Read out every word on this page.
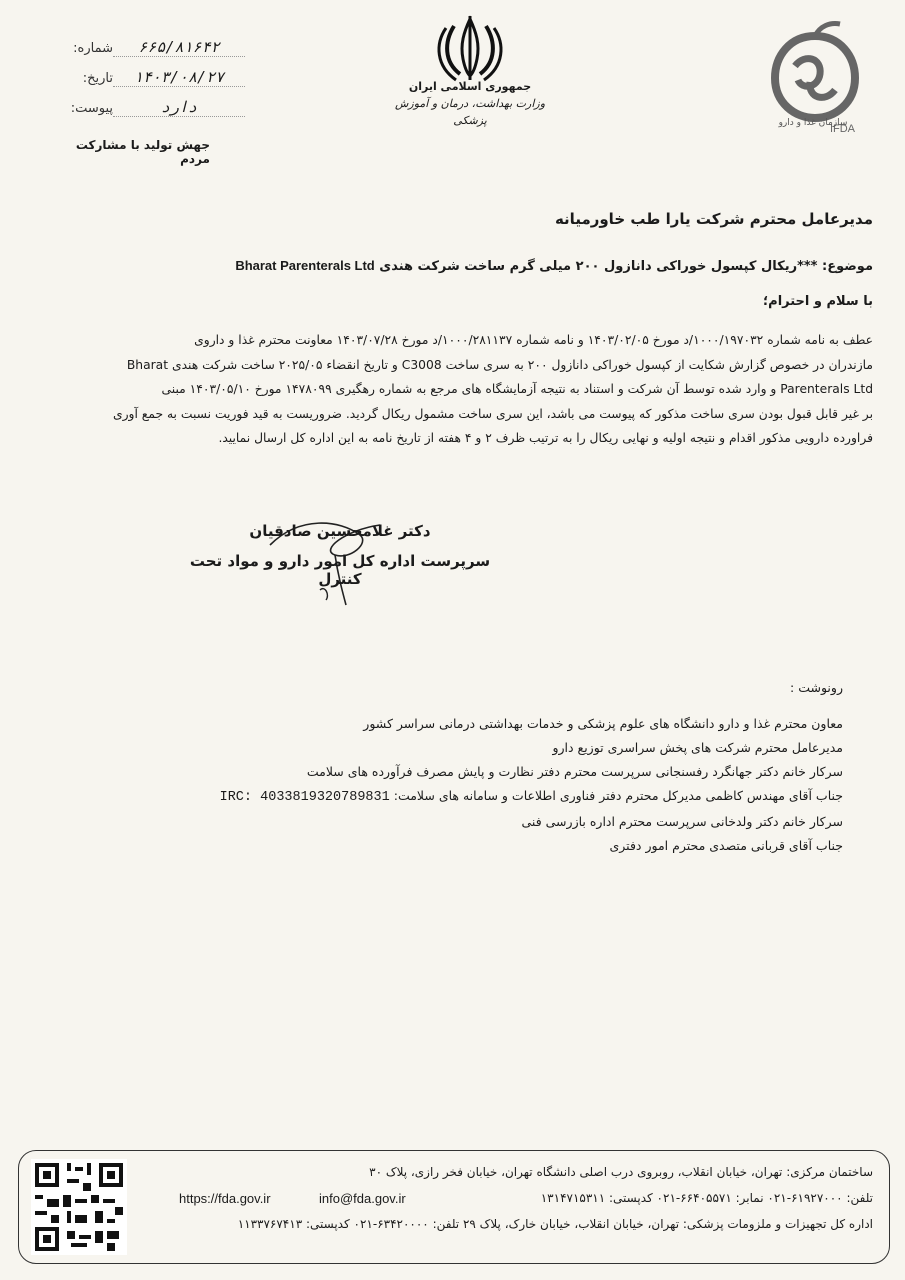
شماره:	۶۶۵/۸۱۶۴۲
تاریخ:	۱۴۰۳/۰۸/۲۷
پیوست:	دارد
جهش تولید با مشارکت مردم
جمهوری اسلامی ایران
وزارت بهداشت، درمان و آموزش پزشکی
IFDA
سازمان غذا و دارو
مدیرعامل محترم شرکت یارا طب خاورمیانه
موضوع: ***ریکال کپسول خوراکی دانازول ۲۰۰ میلی گرم ساخت شرکت هندی Bharat Parenterals Ltd
با سلام و احترام؛

عطف به نامه شماره ۱۰۰۰/۱۹۷۰۳۲/د مورخ ۱۴۰۳/۰۲/۰۵ و نامه شماره ۱۰۰۰/۲۸۱۱۳۷/د مورخ ۱۴۰۳/۰۷/۲۸ معاونت محترم غذا و داروی

مازندران در خصوص گزارش شکایت از کپسول خوراکی دانازول ۲۰۰ به سری ساخت C3008 و تاریخ انقضاء ۲۰۲۵/۰۵ ساخت شرکت هندی Bharat

Parenterals Ltd و وارد شده توسط آن شرکت و استناد به نتیجه آزمایشگاه های مرجع به شماره رهگیری ۱۴۷۸۰۹۹ مورخ ۱۴۰۳/۰۵/۱۰ مبنی

بر غیر قابل قبول بودن سری ساخت مذکور که پیوست می باشد، این سری ساخت مشمول ریکال گردید. ضروریست به قید فوریت نسبت به جمع آوری

فراورده دارویی مذکور اقدام و نتیجه اولیه و نهایی ریکال را به ترتیب ظرف ۲ و ۴ هفته از تاریخ نامه به این اداره کل ارسال نمایید.

دکتر غلامحسین صادقیان
سرپرست اداره کل امور دارو و مواد تحت کنترل
رونوشت :
معاون محترم غذا و دارو دانشگاه های علوم پزشکی و خدمات بهداشتی درمانی سراسر کشور
مدیرعامل محترم شرکت های پخش سراسری توزیع دارو
سرکار خانم دکتر جهانگرد رفسنجانی سرپرست محترم دفتر نظارت و پایش مصرف فرآورده های سلامت
جناب آقای مهندس کاظمی مدیرکل محترم دفتر فناوری اطلاعات و سامانه های سلامت: IRC: 4033819320789831
سرکار خانم دکتر ولدخانی سرپرست محترم اداره بازرسی فنی
جناب آقای قربانی متصدی محترم امور دفتری
ساختمان مرکزی: تهران، خیابان انقلاب، روبروی درب اصلی دانشگاه تهران، خیابان فخر رازی، پلاک ۳۰
تلفن: ۶۱۹۲۷۰۰۰-۰۲۱ نمابر: ۶۶۴۰۵۵۷۱-۰۲۱ کدپستی: ۱۳۱۴۷۱۵۳۱۱
info@fda.gov.ir
https://fda.gov.ir
اداره کل تجهیزات و ملزومات پزشکی: تهران، خیابان انقلاب، خیابان خارک، پلاک ۲۹ تلفن: ۶۳۴۲۰۰۰۰-۰۲۱ کدپستی: ۱۱۳۳۷۶۷۴۱۳
